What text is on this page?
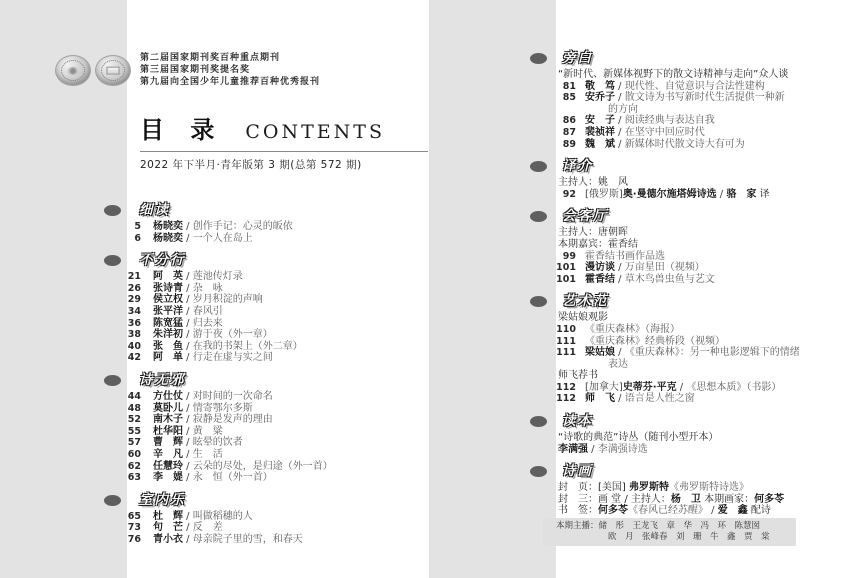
第二届国家期刊奖百种重点期刊
第三届国家期刊奖提名奖
第九届向全国少年儿童推荐百种优秀报刊
目 录 CONTENTS
2022 年下半月·青年版第 3 期(总第 572 期)
细读
5 杨晓奕 / 创作手记：心灵的皈依
6 杨晓奕 / 一个人在岛上
不分行
21 阿　英 / 莲池传灯录
26 张诗青 / 杂　咏
29 侯立权 / 岁月积淀的声响
34 张平洋 / 春风引
36 陈宽猛 / 归去来
38 朱洋初 / 游于夜（外一章）
40 张　鱼 / 在我的书架上（外二章）
42 阿　单 / 行走在虚与实之间
诗无邪
44 方仕仗 / 对时间的一次命名
48 莫卧儿 / 情寄鄂尔多斯
52 南木子 / 寂静是发声的理由
55 杜华阳 / 黄　粱
57 曹　辉 / 眩晕的饮者
60 辛　凡 / 生　活
62 任慧玲 / 云朵的尽处，是归途（外一首）
63 李　媞 / 永　恒（外一首）
室内乐
65 杜　辉 / 叫做稻穗的人
73 句　芒 / 反　差
76 青小衣 / 母亲院子里的雪，和春天
旁白
“新时代、新媒体视野下的散文诗精神与走向”众人谈
81 敬　笃 / 现代性、自觉意识与合法性建构
85 安乔子 / 散文诗为书写新时代生活提供一种新
的方向
86 安　子 / 阅读经典与表达自我
87 裴祯祥 / 在坚守中回应时代
89 魏　斌 / 新媒体时代散文诗大有可为
译介
主持人：姚　风
92 [俄罗斯]奥·曼德尔施塔姆诗选 / 骆　家 译
会客厅
主持人：唐朝晖
本期嘉宾：霍香结
99 霍香结书画作品选
101 漫访谈 / 万亩星田（视频）
101 霍香结 / 草木鸟兽虫鱼与艺文
艺术范
梁姑娘观影
110 《重庆森林》（海报）
111 《重庆森林》经典桥段（视频）
111 梁姑娘 / 《重庆森林》：另一种电影逻辑下的情绪
表达
师飞荐书
112 [加拿大]史蒂芬·平克 / 《思想本质》（书影）
112 师　飞 / 语言是人性之窗
读本
“诗歌的典范”诗丛（随刊小型开本）
李满强 / 李满强诗选
诗画
封　页：[美国] 弗罗斯特《弗罗斯特诗选》
封　三：画 堂 / 主持人：杨　卫 本期画家：何多苓
书　签：何多苓《春风已经苏醒》 / 爱　鑫 配诗
本期主播：储　彤　王龙飞　章　华　冯　环　陈慧囡
欧　月　张峰春　刘　珊　牛　鑫　贾　棠
